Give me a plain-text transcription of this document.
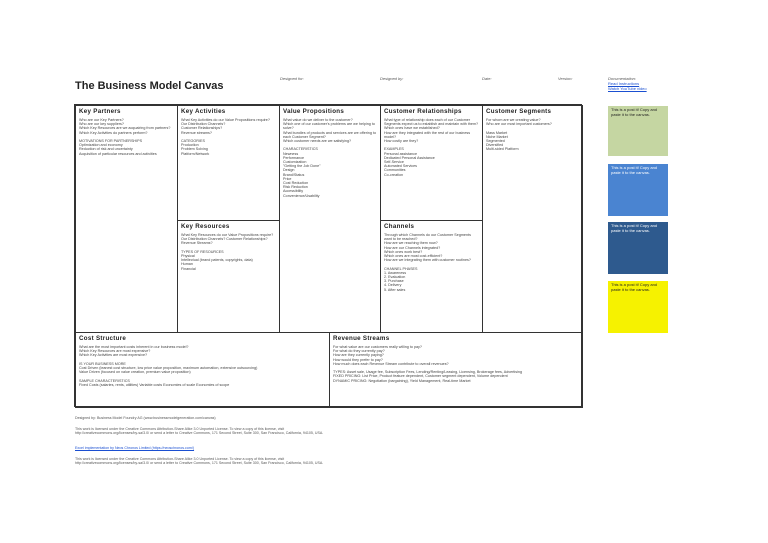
The Business Model Canvas
Designed for:	Designed by:	Date:	Version:	Documentation:
Read Instructions
Watch YouTube video
Key Partners

Who are our Key Partners?
Who are our key suppliers?
Which Key Resources are we acquairing from partners?
Which Key Activities do partners perform?

MOTIVATIONS FOR PARTNERSHIPS
Optimization and economy
Reduction of risk and uncertainty
Acquisition of particular resources and activities

Key Activities

What Key Activities do our Value Propositions require?
Our Distribution Channels?
Customer Relationships?
Revenue streams?

CATEGORIES
Production
Problem Solving
Platform/Network

Key Resources

What Key Resources do our Value Propositions require?
Our Distribution Channels? Customer Relationships?
Revenue Streams?

TYPES OF RESOURCES
Physical
Intellectual (brand patents, copyrights, data)
Human
Financial

Value Propositions

What value do we deliver to the customer?
Which one of our customer's problems are we helping to solve?
What bundles of products and services are we offering to each Customer Segment?
Which customer needs are we satisfying?

CHARACTERISTICS
Newness
Performance
Customization
"Getting the Job Done"
Design
Brand/Status
Price
Cost Reduction
Risk Reduction
Accessibility
Convenience/Usability

Customer Relationships

What type of relationship does each of our Customer Segments expect us to establish and maintain with them?
Which ones have we established?
How are they integrated with the rest of our business model?
How costly are they?

EXAMPLES
Personal assistance
Dedicated Personal Assistance
Self-Service
Automated Services
Communities
Co-creation

Channels

Through which Channels do our Customer Segments want to be reached?
How are we reaching them now?
How are our Channels integrated?
Which ones work best?
Which ones are most cost-efficient?
How are we integrating them with customer routines?

CHANNEL PHASES
1. Awareness
2. Evaluation
3. Purchase
4. Delivery
5. After sales

Customer Segments

For whom are we creating value?
Who are our most important customers?

Mass Market
Niche Market
Segmented
Diversified
Multi-sided Platform

Cost Structure

What are the most important costs inherent in our business model?
Which Key Resources are most expensive?
Which Key Activities are most expensive?

IS YOUR BUSINESS MORE
Cost Driven (leanest cost structure, low price value proposition, maximum automation, extensive outsourcing)
Value Driven (focused on value creation, premium value proposition)

SAMPLE CHARACTERISTICS
Fixed Costs (salaries, rents, utilities) Variable costs Economies of scale Economies of scope

Revenue Streams

For what value are our customers really willing to pay?
For what do they currently pay?
How are they currently paying?
How would they prefer to pay?
How much does each Revenue Stream contribute to overall revenues?

TYPES: Asset sale, Usage fee, Subscription Fees, Lending/Renting/Leasing, Licensing, Brokerage fees, Advertising
FIXED PRICING: List Price, Product feature dependent, Customer segment dependent, Volume dependent
DYNAMIC PRICING: Negotiation (bargaining), Yield Management, Real-time Market

This is a post it! Copy and paste it to the canvas.
This is a post it! Copy and paste it to the canvas.
This is a post it! Copy and paste it to the canvas.
This is a post it! Copy and paste it to the canvas.
Designed by: Business Model Foundry AG (www.businessmodelgeneration.com/canvas)
This work is licensed under the Creative Commons Attribution-Share Alike 3.0 Unported License. To view a copy of this license, visit
http://creativecommons.org/licenses/by-sa/3.0/ or send a letter to Creative Commons, 171 Second Street, Suite 300, San Francisco, California, 94105, USA.
Excel implementation by Neos Chronos Limited (https://neoschronos.com/)
This work is licensed under the Creative Commons Attribution-Share Alike 3.0 Unported License. To view a copy of this license, visit
http://creativecommons.org/licenses/by-sa/3.0/ or send a letter to Creative Commons, 171 Second Street, Suite 300, San Francisco, California, 94105, USA.
